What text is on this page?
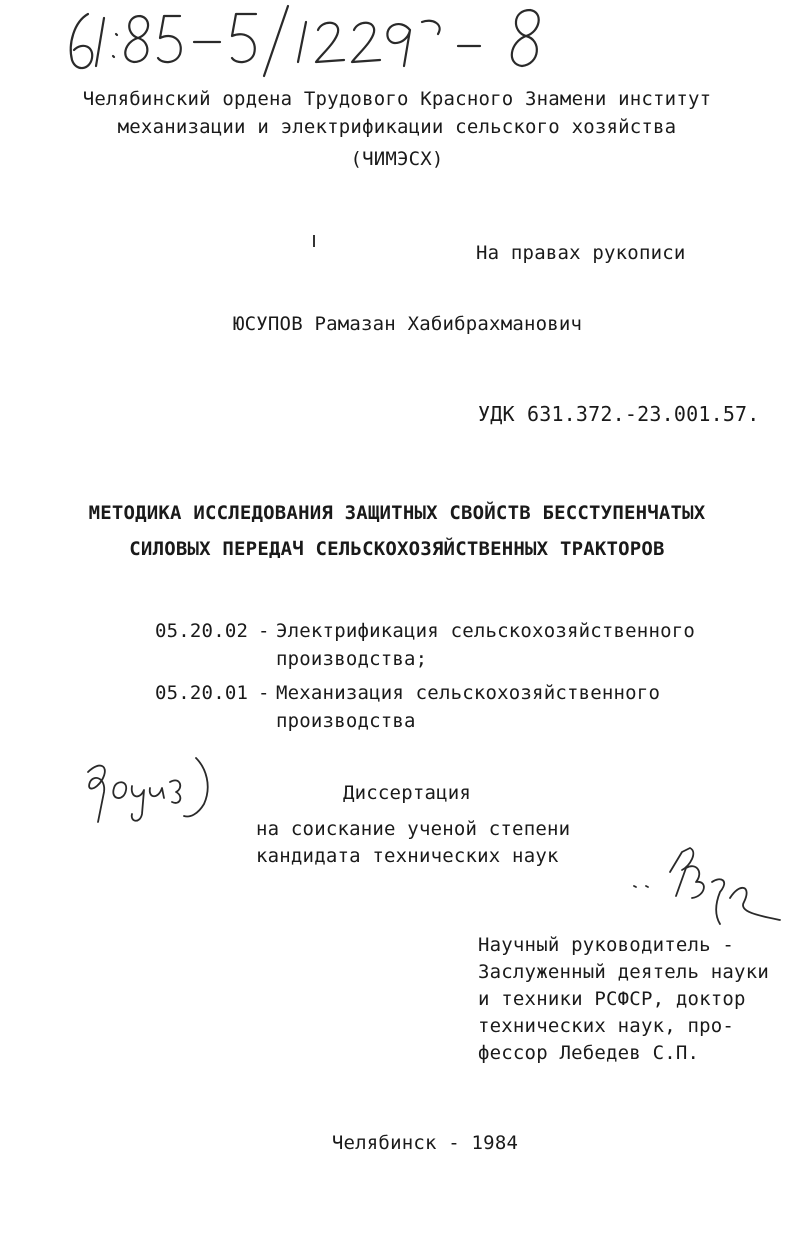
Челябинский ордена Трудового Красного Знамени институт
механизации и электрификации сельского хозяйства
(ЧИМЭСХ)
На правах рукописи
ЮСУПОВ Рамазан Хабибрахманович
УДК 631.372.-23.001.57.
МЕТОДИКА ИССЛЕДОВАНИЯ ЗАЩИТНЫХ СВОЙСТВ БЕССТУПЕНЧАТЫХ
СИЛОВЫХ ПЕРЕДАЧ СЕЛЬСКОХОЗЯЙСТВЕННЫХ ТРАКТОРОВ
05.20.02 - Электрификация сельскохозяйственного
производства;
05.20.01 - Механизация сельскохозяйственного
производства
Диссертация
на соискание ученой степени
кандидата технических наук
Научный руководитель -
Заслуженный деятель науки
и техники РСФСР, доктор
технических наук, про-
фессор Лебедев С.П.
Челябинск - 1984
